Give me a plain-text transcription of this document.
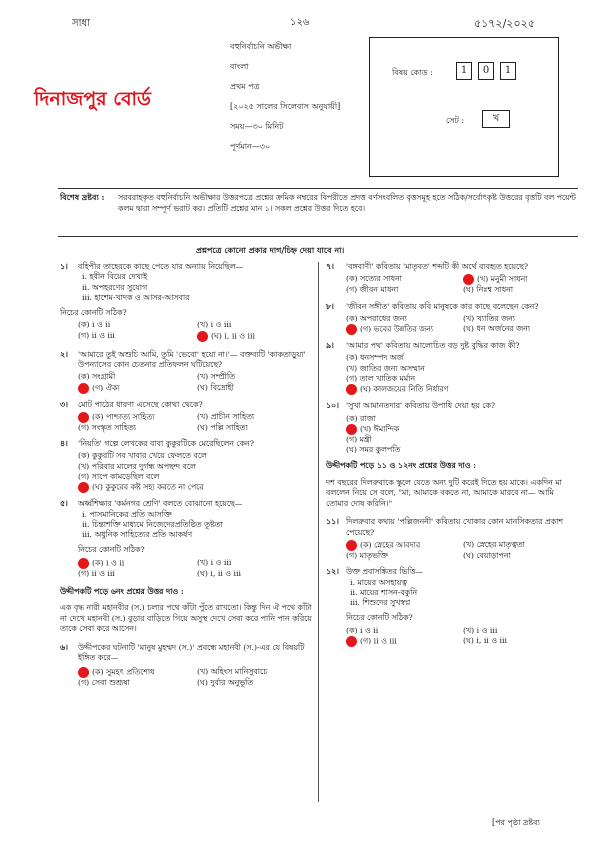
সাধা	১২৬	৫১৭২/২০২৫
দিনাজপুর বোর্ড
বহুনির্বাচনি অভীক্ষা
বাংলা
প্রথম পত্র
[২০২৫ সালের সিলেবাস অনুযায়ী]
সময়—৩০ মিনিট
পূর্ণমান—৩০
বিষয় কোড :	1 0 1
সেট :	খ
বিশেষ দ্রষ্টব্য :	সরবরাহকৃত বহুনির্বাচনি অভীক্ষার উত্তরপত্রে প্রশ্নের ক্রমিক নম্বরের বিপরীতে প্রদত্ত বর্ণসংবলিত বৃত্তসমূহ হতে সঠিক/সর্বোৎকৃষ্ট উত্তরের বৃত্তটি বল পয়েন্ট কলম দ্বারা সম্পূর্ণ ভরাট কর। প্রতিটি প্রশ্নের মান ১। সকল প্রশ্নের উত্তর দিতে হবে।
প্রশ্নপত্রে কোনো প্রকার দাগ/চিহ্ন দেয়া যাবে না।
১। বহিপীর তাহেরকে কাছে পেতে যার অন্যায় নিয়েছিল—
i. হবীন বিয়ের দেখাই
ii. অপহরণের সুযোগ
iii. হাশেম-খাদক ও আসর-আসবার
নিচের কোনটি সঠিক?
(ক) i ও ii	(খ) i ও iii
(গ) ii ও iii	(ঘ) i, ii ও iii
২। 'আমারে তুই অশুচি আমি, তুমি 'ভেবো' হয়ো না।'— বক্তব্যটি 'কাকতাড়ুয়া' উপন্যাসের কোন চেতনার প্রতিফলন ঘটিয়েছে?
(ক) সংগ্রামী	(খ) সম্প্রীতি
(গ) ঐক্য	(ঘ) বিদ্রোহী
৩। মোট পাঠের ধারণা এসেছে কোথা থেকে?
(ক) পাশ্চাত্য সাহিত্য	(খ) প্রাচীন সাহিত্য
(গ) সংস্কৃত সাহিত্য	(ঘ) পল্লি সাহিত্য
৪। 'নিয়তি' গল্পে লেখকের বাবা কুকুরটিকে মেরেছিলেন কেন?
(ক) কুকুরটি সব খাবার খেয়ে ফেলতে বলে
(খ) পরিবার মালের দুর্গন্ধ অপছন্দ বলে
(গ) সাপে কামড়েছিল বলে
(ঘ) কুকুরের কষ্ট সহ্য করতে না পেরে
৫। অর্ধ্বশিক্ষার 'কর্মনগর শ্রেণি' বলতে বোঝানো হয়েছে—
i. পাসমানিকের প্রতি আসক্তি
ii. চিন্তাশক্তি মাধ্যমে নিজেদেরপ্রতিষ্ঠিত তূষ্টতা
iii. অধুনিক সাহিত্যের প্রতি আকর্ষণ
নিচের কোনটি সঠিক?
(ক) i ও ii	(খ) i ও iii
(গ) ii ও iii	(ঘ) i, ii ও iii
উদ্দীপকটি পড়ে ৬নং প্রশ্নের উত্তর দাও :
এক বৃদ্ধ নারী মহানবীর (স.) চলার পথে কাঁটা পুঁতে রাখতো। কিন্তু দিন ঐ পথে কাঁটা না দেখে মহানবী (স.) বুড়ার বাড়িতে গিয়ে অসুস্থ দেখে সেবা করে পানি পান করিয়ে তাকে সেবা করে আসেন।
৬। উদ্দীপকের ঘটনাটি 'মানুষ মুহম্মদ (স.)' প্রবন্ধে মহানবী (স.)-এর যে বিষয়টি ইঙ্গিত করে—
(ক) সুমহৎ প্রতিশোধ	(খ) অহিংস মানিসুবাচে
(গ) সেবা শুশ্রূষা	(ঘ) দুর্বার অনুভূতি
৭। 'বঙ্গবাণী' কবিতায় 'মাতৃবত' শব্দটি কী অর্থে ব্যবহৃত হয়েছে?
(ক) সত্যের সাধনা	(খ) মনুমী সাধনা
(গ) জীবন মাধনা	(ঘ) নিঃশ্ব সাধনা
৮। 'জীবন সঙ্গীত' কবিতায় কবি মানুষকে কার কাছে বলেছেন কেন?
(ক) অপরাধের জন্য	(খ) খ্যাতির জন্য
(গ) ভবের উন্নতির জন্য	(ঘ) ধন অর্জনের জন্য
৯। 'আমার পথ' কবিতায় আলোচিত বড় দুষ্ট বুদ্ধির কাজ কী?
(ক) ধনসম্পদ অর্জ
(খ) জাতির জন্য অসম্মান
(গ) তাল খাতিক মর্মান
(ঘ) কালজয়ের নিতি নির্ধারণ
১০। 'সুখা আমানতদার' কবিতায় উপাধি দেয়া হয় কে?
(ক) রাজা
(খ) ঈমান্দিক
(গ) মন্ত্রী
(ঘ) সমর কুলপতি
উদ্দীপকটি পড়ে ১১ ও ১২নং প্রশ্নের উত্তর দাও :
দশ বছরের দিলরুবাকে স্কুলে যেতে অন্য দুটি করেই দিতে হয় মাকে। একদিন মা বললেন নিয়ে সে বলে, "মা, আমাকে বকতে না, আমাকে মারবে না— আমি তোমার দোষ করিনি।"
১১। দিলরুবার কথায় 'পল্লিজননী' কবিতায় খোকার কোন মানসিকতার প্রকাশ পেয়েছে?
(ক) স্নেহের আবদার	(খ) স্নেহের মাতৃত্বতা
(গ) মাতৃভক্তি	(ঘ) বেয়াড়াপনা
১২। উক্ত প্রবাসঙ্কিতর ভিত্তি—
i. মায়ের অসহায়ত্ব
ii. মায়ের শাসন-বকুনি
iii. শিশুদের সুখস্বপ্ন
নিচের কোনটি সঠিক?
(ক) i ও ii	(খ) i ও iii
(গ) ii ও iii	(ঘ) i, ii ও iii
[পর পৃষ্ঠা দ্রষ্টব্য
